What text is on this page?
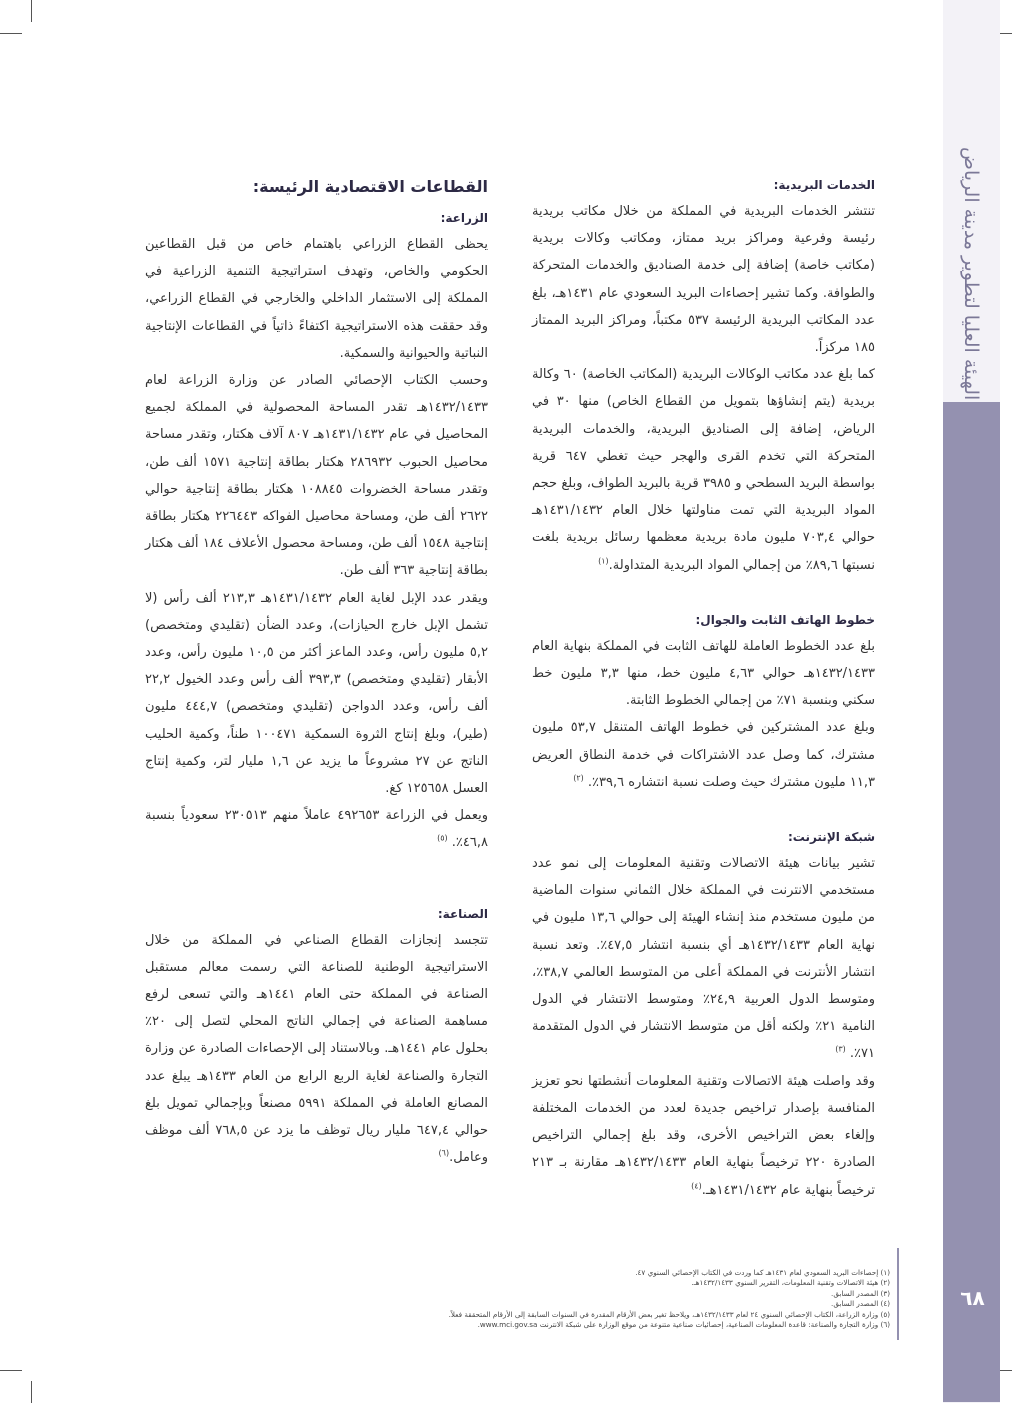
الهيئة العليا لتطوير مدينة الرياض
٦٨

الخدمات البريدية:

تنتشر الخدمات البريدية في المملكة من خلال مكاتب بريدية رئيسة وفرعية ومراكز بريد ممتاز، ومكاتب وكالات بريدية (مكاتب خاصة) إضافة إلى خدمة الصناديق والخدمات المتحركة والطوافة. وكما تشير إحصاءات البريد السعودي عام ١٤٣١هـ، بلغ عدد المكاتب البريدية الرئيسة ٥٣٧ مكتباً، ومراكز البريد الممتاز ١٨٥ مركزاً.

كما بلغ عدد مكاتب الوكالات البريدية (المكاتب الخاصة) ٦٠ وكالة بريدية (يتم إنشاؤها بتمويل من القطاع الخاص) منها ٣٠ في الرياض، إضافة إلى الصناديق البريدية، والخدمات البريدية المتحركة التي تخدم القرى والهجر حيث تغطي ٦٤٧ قرية بواسطة البريد السطحي و ٣٩٨٥ قرية بالبريد الطواف، وبلغ حجم المواد البريدية التي تمت مناولتها خلال العام ١٤٣١/١٤٣٢هـ حوالي ٧٠٣,٤ مليون مادة بريدية معظمها رسائل بريدية بلغت نسبتها ٨٩,٦٪ من إجمالي المواد البريدية المتداولة.$^{(١)}$

خطوط الهاتف الثابت والجوال:

بلغ عدد الخطوط العاملة للهاتف الثابت في المملكة بنهاية العام ١٤٣٢/١٤٣٣هـ حوالي ٤,٦٣ مليون خط، منها ٣,٣ مليون خط سكني وبنسبة ٧١٪ من إجمالي الخطوط الثابتة.

وبلغ عدد المشتركين في خطوط الهاتف المتنقل ٥٣,٧ مليون مشترك، كما وصل عدد الاشتراكات في خدمة النطاق العريض ١١,٣ مليون مشترك حيث وصلت نسبة انتشاره ٣٩,٦٪. $^{(٢)}$

شبكة الإنترنت:

تشير بيانات هيئة الاتصالات وتقنية المعلومات إلى نمو عدد مستخدمي الانترنت في المملكة خلال الثماني سنوات الماضية من مليون مستخدم منذ إنشاء الهيئة إلى حوالي ١٣,٦ مليون في نهاية العام ١٤٣٢/١٤٣٣هـ أي بنسبة انتشار ٤٧,٥٪. وتعد نسبة انتشار الأنترنت في المملكة أعلى من المتوسط العالمي ٣٨,٧٪، ومتوسط الدول العربية ٢٤,٩٪ ومتوسط الانتشار في الدول النامية ٢١٪ ولكنه أقل من متوسط الانتشار في الدول المتقدمة ٧١٪. $^{(٣)}$

وقد واصلت هيئة الاتصالات وتقنية المعلومات أنشطتها نحو تعزيز المنافسة بإصدار تراخيص جديدة لعدد من الخدمات المختلفة وإلغاء بعض التراخيص الأخرى، وقد بلغ إجمالي التراخيص الصادرة ٢٢٠ ترخيصاً بنهاية العام ١٤٣٢/١٤٣٣هـ مقارنة بـ ٢١٣ ترخيصاً بنهاية عام ١٤٣١/١٤٣٢هـ.$^{(٤)}$

القطاعات الاقتصادية الرئيسة:

الزراعة:

يحظى القطاع الزراعي باهتمام خاص من قبل القطاعين الحكومي والخاص، وتهدف استراتيجية التنمية الزراعية في المملكة إلى الاستثمار الداخلي والخارجي في القطاع الزراعي، وقد حققت هذه الاستراتيجية اكتفاءً ذاتياً في القطاعات الإنتاجية النباتية والحيوانية والسمكية.

وحسب الكتاب الإحصائي الصادر عن وزارة الزراعة لعام ١٤٣٢/١٤٣٣هـ تقدر المساحة المحصولية في المملكة لجميع المحاصيل في عام ١٤٣١/١٤٣٢هـ ٨٠٧ آلاف هكتار، وتقدر مساحة محاصيل الحبوب ٢٨٦٩٣٢ هكتار بطاقة إنتاجية ١٥٧١ ألف طن، وتقدر مساحة الخضروات ١٠٨٨٤٥ هكتار بطاقة إنتاجية حوالي ٢٦٢٢ ألف طن، ومساحة محاصيل الفواكه ٢٢٦٤٤٣ هكتار بطاقة إنتاجية ١٥٤٨ ألف طن، ومساحة محصول الأعلاف ١٨٤ ألف هكتار بطاقة إنتاجية ٣٦٣ ألف طن.

ويقدر عدد الإبل لغاية العام ١٤٣١/١٤٣٢هـ ٢١٣,٣ ألف رأس (لا تشمل الإبل خارج الحيازات)، وعدد الضأن (تقليدي ومتخصص) ٥,٢ مليون رأس، وعدد الماعز أكثر من ١٠,٥ مليون رأس، وعدد الأبقار (تقليدي ومتخصص) ٣٩٣,٣ ألف رأس وعدد الخيول ٢٢,٢ ألف رأس، وعدد الدواجن (تقليدي ومتخصص) ٤٤٤,٧ مليون (طير)، وبلغ إنتاج الثروة السمكية ١٠٠٤٧١ طناً، وكمية الحليب الناتج عن ٢٧ مشروعاً ما يزيد عن ١,٦ مليار لتر، وكمية إنتاج العسل ١٢٥٦٥٨ كغ.

ويعمل في الزراعة ٤٩٢٦٥٣ عاملاً منهم ٢٣٠٥١٣ سعودياً بنسبة ٤٦,٨٪. $^{(٥)}$

الصناعة:

تتجسد إنجازات القطاع الصناعي في المملكة من خلال الاستراتيجية الوطنية للصناعة التي رسمت معالم مستقبل الصناعة في المملكة حتى العام ١٤٤١هـ والتي تسعى لرفع مساهمة الصناعة في إجمالي الناتج المحلي لتصل إلى ٢٠٪ بحلول عام ١٤٤١هـ. وبالاستناد إلى الإحصاءات الصادرة عن وزارة التجارة والصناعة لغاية الربع الرابع من العام ١٤٣٣هـ يبلغ عدد المصانع العاملة في المملكة ٥٩٩١ مصنعاً وبإجمالي تمويل بلغ حوالي ٦٤٧,٤ مليار ريال توظف ما يزد عن ٧٦٨,٥ ألف موظف وعامل.$^{(٦)}$

(١) إحصاءات البريد السعودي لعام ١٤٣١هـ كما وردت في الكتاب الإحصائي السنوي ٤٧.
(٢) هيئة الاتصالات وتقنية المعلومات، التقرير السنوي ١٤٣٢/١٤٣٣هـ.
(٣) المصدر السابق.
(٤) المصدر السابق.
(٥) وزارة الزراعة، الكتاب الإحصائي السنوي ٢٤ لعام ١٤٣٢/١٤٣٣هـ، ويلاحظ تغير بعض الأرقام المقدرة في السنوات السابقة إلى الأرقام المتحققة فعلاً.
(٦) وزارة التجارة والصناعة: قاعدة المعلومات الصناعية، إحصائيات صناعية متنوعة من موقع الوزارة على شبكة الانترنت www.mci.gov.sa.
